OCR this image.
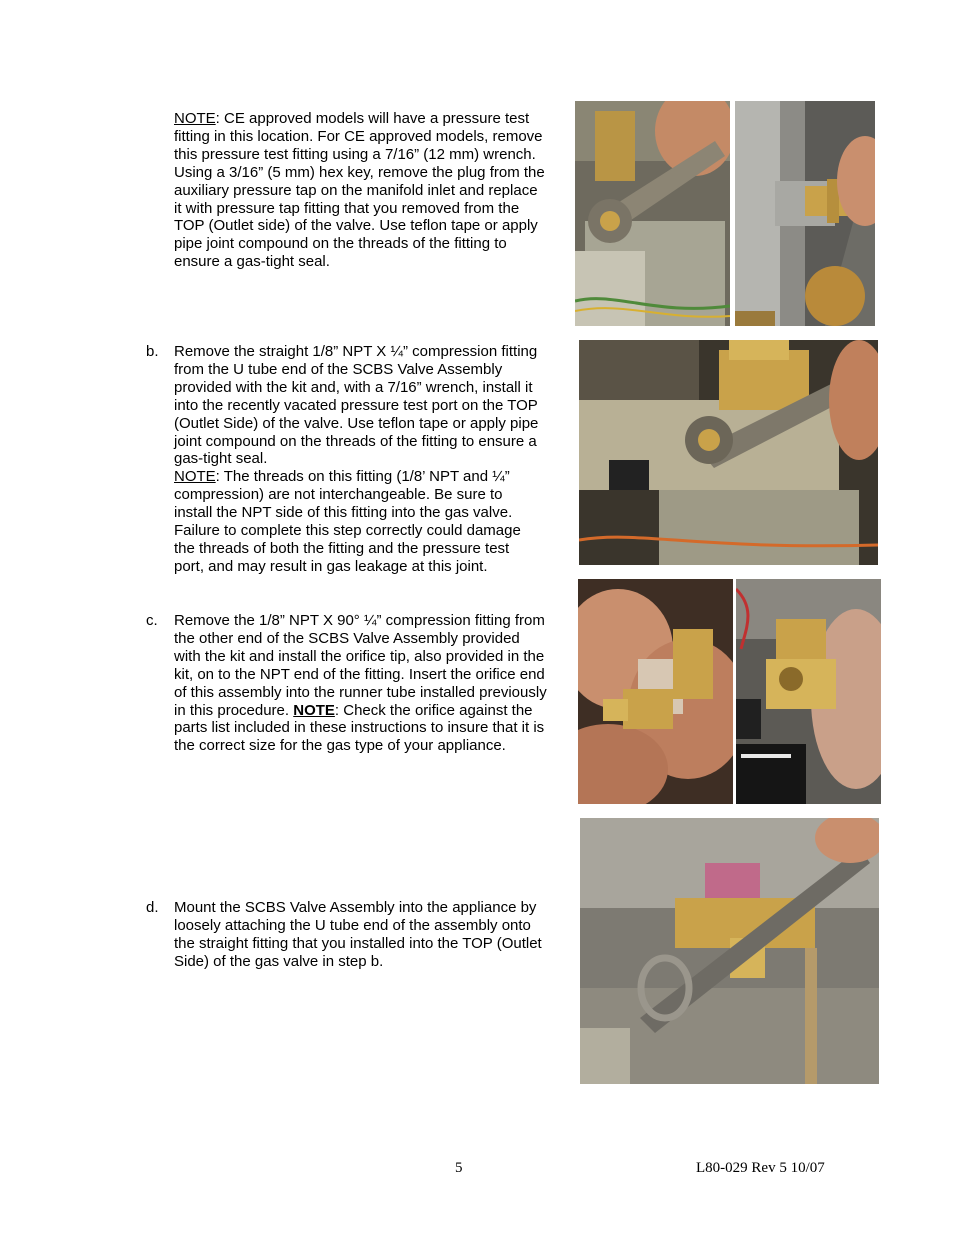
NOTE: CE approved models will have a pressure test
fitting in this location. For CE approved models, remove
this pressure test fitting using a 7/16” (12 mm) wrench.
Using a 3/16” (5 mm) hex key, remove the plug from the
auxiliary pressure tap on the manifold inlet and replace
it with pressure tap fitting that you removed from the
TOP (Outlet side) of the valve. Use teflon tape or apply
pipe joint compound on the threads of the fitting to
ensure a gas-tight seal.
b. Remove the straight 1/8” NPT X ¼” compression fitting
from the U tube end of the SCBS Valve Assembly
provided with the kit and, with a 7/16” wrench, install it
into the recently vacated pressure test port on the TOP
(Outlet Side) of the valve. Use teflon tape or apply pipe
joint compound on the threads of the fitting to ensure a
gas-tight seal.
NOTE: The threads on this fitting (1/8’ NPT and ¼”
compression) are not interchangeable. Be sure to
install the NPT side of this fitting into the gas valve.
Failure to complete this step correctly could damage
the threads of both the fitting and the pressure test
port, and may result in gas leakage at this joint.
c. Remove the 1/8” NPT X 90° ¼” compression fitting from
the other end of the SCBS Valve Assembly provided
with the kit and install the orifice tip, also provided in the
kit, on to the NPT end of the fitting. Insert the orifice end
of this assembly into the runner tube installed previously
in this procedure. NOTE: Check the orifice against the
parts list included in these instructions to insure that it is
the correct size for the gas type of your appliance.
d. Mount the SCBS Valve Assembly into the appliance by
loosely attaching the U tube end of the assembly onto
the straight fitting that you installed into the TOP (Outlet
Side) of the gas valve in step b.
5	L80-029 Rev 5 10/07
